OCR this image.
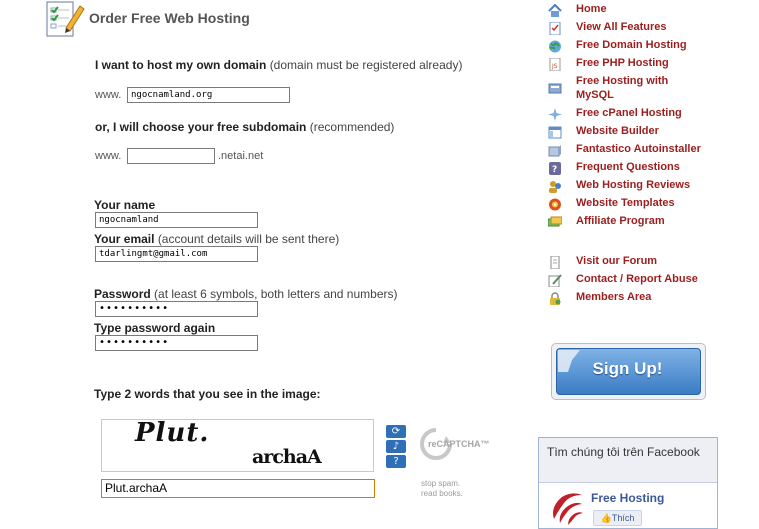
Order Free Web Hosting
I want to host my own domain (domain must be registered already)
www.	ngocnamland.org
or, I will choose your free subdomain (recommended)
www.	.netai.net
Your name
ngocnamland
Your email (account details will be sent there)
tdarlingmt@gmail.com
Password (at least 6 symbols, both letters and numbers)
••••••••••
Type password again
••••••••••
Type 2 words that you see in the image:
Plut.
archaA
⟳
♪
?
reCAPTCHA™
stop spam.
read books.
Plut.archaA
Home
View All Features
Free Domain Hosting
JS Free PHP Hosting
Free Hosting with MySQL
Free cPanel Hosting
Website Builder
Fantastico Autoinstaller
? Frequent Questions
Web Hosting Reviews
Website Templates
Affiliate Program
Visit our Forum
Contact / Report Abuse
Members Area
Sign Up!
Tìm chúng tôi trên Facebook
Free Hosting
👍Thích
